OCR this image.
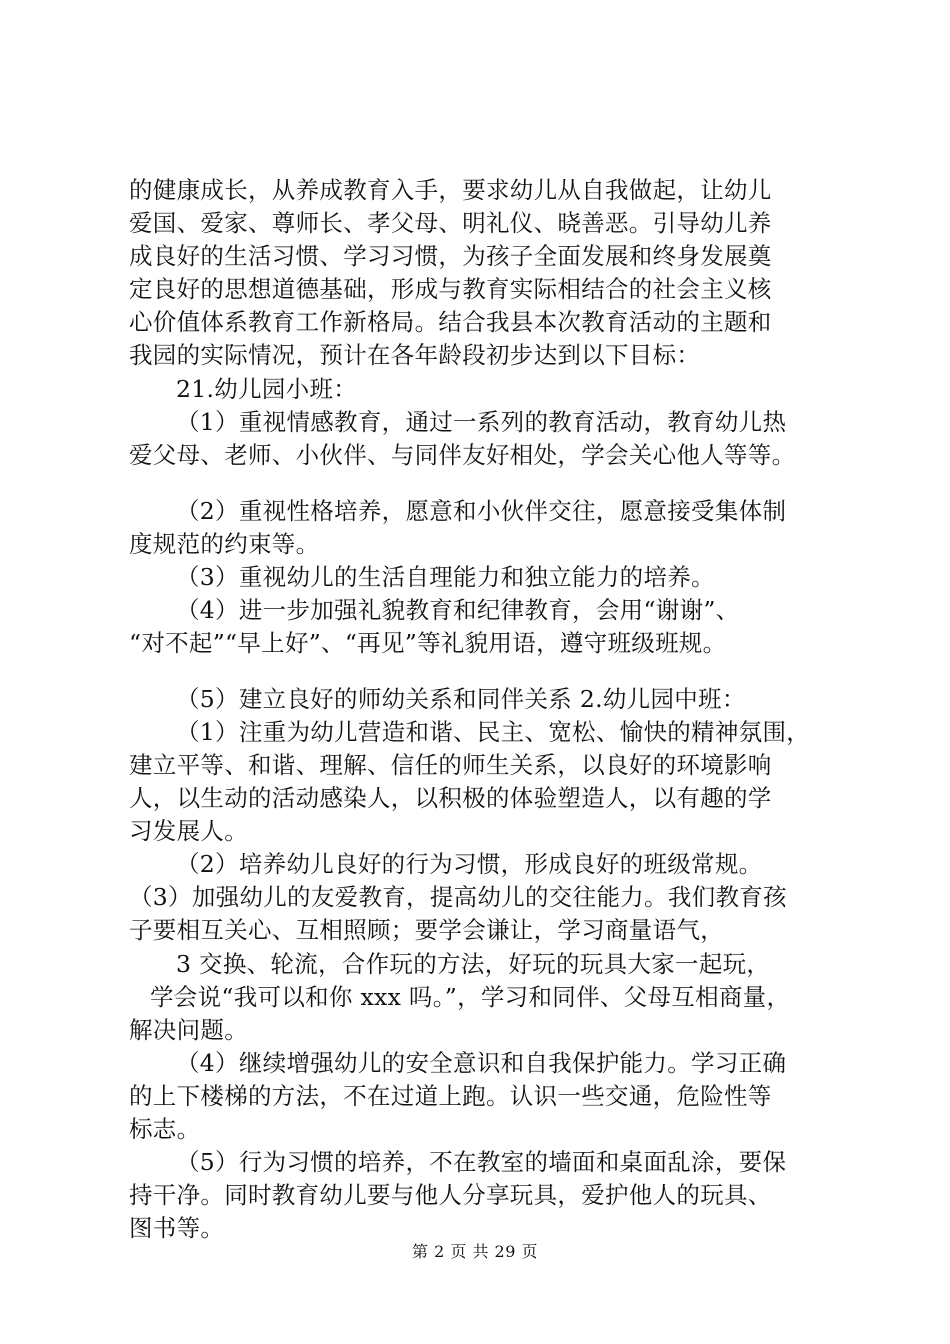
的健康成长，从养成教育入手，要求幼儿从自我做起，让幼儿
爱国、爱家、尊师长、孝父母、明礼仪、晓善恶。引导幼儿养
成良好的生活习惯、学习习惯，为孩子全面发展和终身发展奠
定良好的思想道德基础，形成与教育实际相结合的社会主义核
心价值体系教育工作新格局。结合我县本次教育活动的主题和
我园的实际情况，预计在各年龄段初步达到以下目标：
21.幼儿园小班：
（1）重视情感教育，通过一系列的教育活动，教育幼儿热
爱父母、老师、小伙伴、与同伴友好相处，学会关心他人等等。
（2）重视性格培养，愿意和小伙伴交往，愿意接受集体制
度规范的约束等。
（3）重视幼儿的生活自理能力和独立能力的培养。
（4）进一步加强礼貌教育和纪律教育，会用“谢谢”、
“对不起”“早上好”、“再见”等礼貌用语，遵守班级班规。
（5）建立良好的师幼关系和同伴关系 2.幼儿园中班：
（1）注重为幼儿营造和谐、民主、宽松、愉快的精神氛围，
建立平等、和谐、理解、信任的师生关系，以良好的环境影响
人，以生动的活动感染人，以积极的体验塑造人，以有趣的学
习发展人。
（2）培养幼儿良好的行为习惯，形成良好的班级常规。
（3）加强幼儿的友爱教育，提高幼儿的交往能力。我们教育孩
子要相互关心、互相照顾；要学会谦让，学习商量语气，
3 交换、轮流，合作玩的方法，好玩的玩具大家一起玩，
学会说“我可以和你 xxx 吗。”，学习和同伴、父母互相商量，
解决问题。
（4）继续增强幼儿的安全意识和自我保护能力。学习正确
的上下楼梯的方法，不在过道上跑。认识一些交通，危险性等
标志。
（5）行为习惯的培养，不在教室的墙面和桌面乱涂，要保
持干净。同时教育幼儿要与他人分享玩具，爱护他人的玩具、
图书等。
第 2 页 共 29 页
